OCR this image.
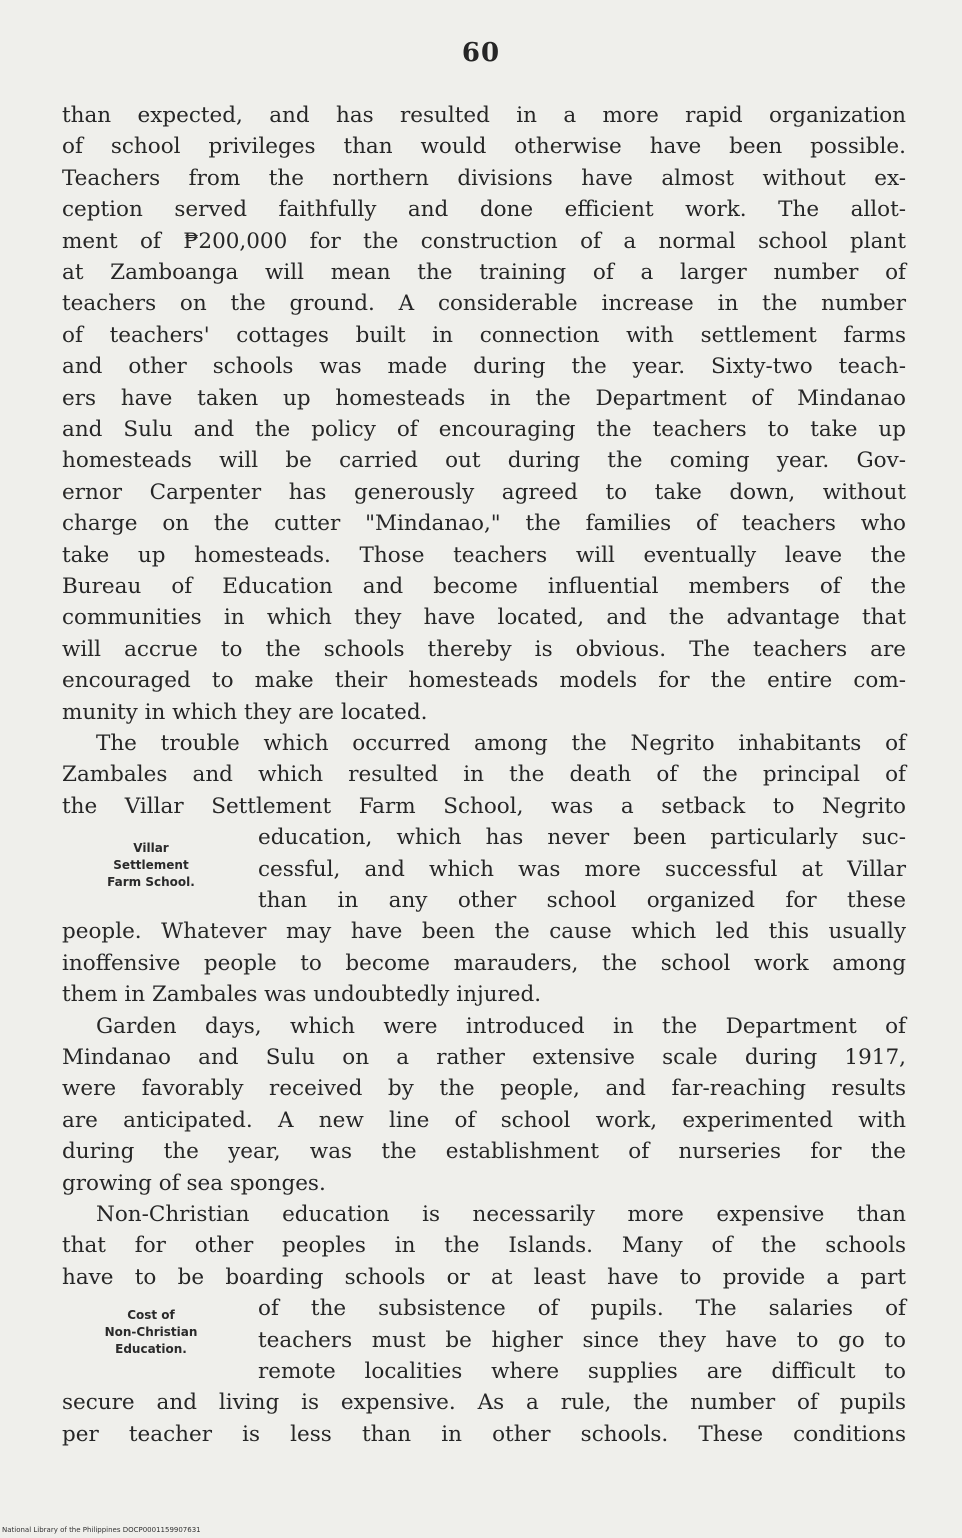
60
than expected, and has resulted in a more rapid organization
of school privileges than would otherwise have been possible.
Teachers from the northern divisions have almost without ex-
ception served faithfully and done efficient work. The allot-
ment of ₱200,000 for the construction of a normal school plant
at Zamboanga will mean the training of a larger number of
teachers on the ground. A considerable increase in the number
of teachers' cottages built in connection with settlement farms
and other schools was made during the year. Sixty-two teach-
ers have taken up homesteads in the Department of Mindanao
and Sulu and the policy of encouraging the teachers to take up
homesteads will be carried out during the coming year. Gov-
ernor Carpenter has generously agreed to take down, without
charge on the cutter "Mindanao," the families of teachers who
take up homesteads. Those teachers will eventually leave the
Bureau of Education and become influential members of the
communities in which they have located, and the advantage that
will accrue to the schools thereby is obvious. The teachers are
encouraged to make their homesteads models for the entire com-
munity in which they are located.
The trouble which occurred among the Negrito inhabitants of
Zambales and which resulted in the death of the principal of
the Villar Settlement Farm School, was a setback to Negrito
education, which has never been particularly suc-
cessful, and which was more successful at Villar
than in any other school organized for these
people. Whatever may have been the cause which led this usually
inoffensive people to become marauders, the school work among
them in Zambales was undoubtedly injured.
Garden days, which were introduced in the Department of
Mindanao and Sulu on a rather extensive scale during 1917,
were favorably received by the people, and far-reaching results
are anticipated. A new line of school work, experimented with
during the year, was the establishment of nurseries for the
growing of sea sponges.
Non-Christian education is necessarily more expensive than
that for other peoples in the Islands. Many of the schools
have to be boarding schools or at least have to provide a part
of the subsistence of pupils. The salaries of
teachers must be higher since they have to go to
remote localities where supplies are difficult to
secure and living is expensive. As a rule, the number of pupils
per teacher is less than in other schools. These conditions
Villar
Settlement
Farm School.
Cost of
Non-Christian
Education.
National Library of the Philippines DOCP0001159907631
